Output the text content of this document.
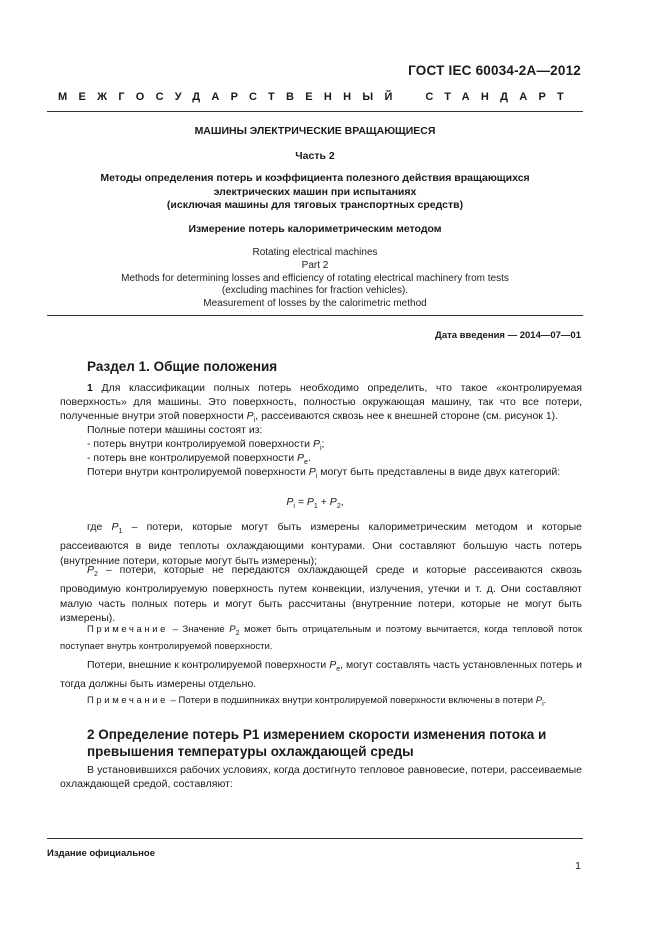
ГОСТ IEC 60034-2А—2012
МЕЖГОСУДАРСТВЕННЫЙ СТАНДАРТ
МАШИНЫ ЭЛЕКТРИЧЕСКИЕ ВРАЩАЮЩИЕСЯ
Часть 2
Методы определения потерь и коэффициента полезного действия вращающихся
электрических машин при испытаниях
(исключая машины для тяговых транспортных средств)
Измерение потерь калориметрическим методом
Rotating electrical machines
Part 2
Methods for determining losses and efficiency of rotating electrical machinery from tests
(excluding machines for fraction vehicles).
Measurement of losses by the calorimetric method
Дата введения — 2014—07—01
Раздел 1. Общие положения
1 Для классификации полных потерь необходимо определить, что такое «контролируемая поверхность» для машины. Это поверхность, полностью окружающая машину, так что все потери, полученные внутри этой поверхности $P_i$, рассеиваются сквозь нее к внешней стороне (см. рисунок 1).
Полные потери машины состоят из:
- потерь внутри контролируемой поверхности $P_i$;
- потерь вне контролируемой поверхности $P_e$.
Потери внутри контролируемой поверхности $P_i$ могут быть представлены в виде двух категорий:
$P_i = P_1 + P_2$,
где $P_1$ – потери, которые могут быть измерены калориметрическим методом и которые рассеиваются в виде теплоты охлаждающими контурами. Они составляют большую часть потерь (внутренние потери, которые могут быть измерены);
$P_2$ – потери, которые не передаются охлаждающей среде и которые рассеиваются сквозь проводимую контролируемую поверхность путем конвекции, излучения, утечки и т. д. Они составляют малую часть полных потерь и могут быть рассчитаны (внутренние потери, которые не могут быть измерены).
Примечание – Значение $P_2$ может быть отрицательным и поэтому вычитается, когда тепловой поток поступает внутрь контролируемой поверхности.
Потери, внешние к контролируемой поверхности $P_e$, могут составлять часть установленных потерь и тогда должны быть измерены отдельно.
Примечание – Потери в подшипниках внутри контролируемой поверхности включены в потери $P_i$.
2 Определение потерь Р1 измерением скорости изменения потока и превышения температуры охлаждающей среды
В установившихся рабочих условиях, когда достигнуто тепловое равновесие, потери, рассеиваемые охлаждающей средой, составляют:
Издание официальное
1
